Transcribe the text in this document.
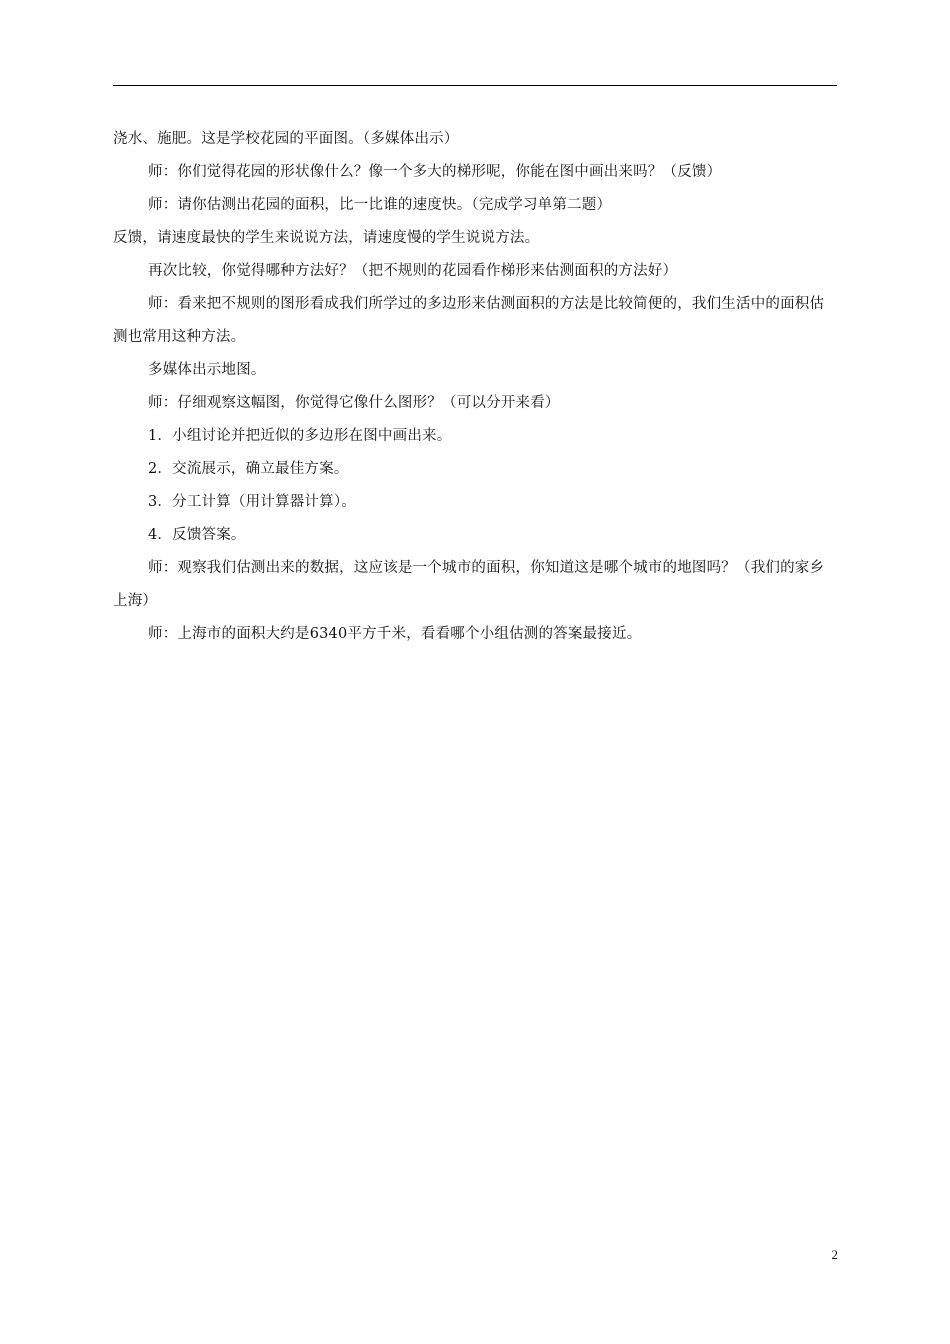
浇水、施肥。这是学校花园的平面图。（多媒体出示）

师：你们觉得花园的形状像什么？像一个多大的梯形呢，你能在图中画出来吗？（反馈）

师：请你估测出花园的面积，比一比谁的速度快。（完成学习单第二题）

反馈，请速度最快的学生来说说方法，请速度慢的学生说说方法。

再次比较，你觉得哪种方法好？（把不规则的花园看作梯形来估测面积的方法好）

师：看来把不规则的图形看成我们所学过的多边形来估测面积的方法是比较简便的，我们生活中的面积估测也常用这种方法。

多媒体出示地图。

师：仔细观察这幅图，你觉得它像什么图形？（可以分开来看）

1．小组讨论并把近似的多边形在图中画出来。

2．交流展示，确立最佳方案。

3．分工计算（用计算器计算）。

4．反馈答案。

师：观察我们估测出来的数据，这应该是一个城市的面积，你知道这是哪个城市的地图吗？（我们的家乡上海）

师：上海市的面积大约是6340平方千米，看看哪个小组估测的答案最接近。

2
